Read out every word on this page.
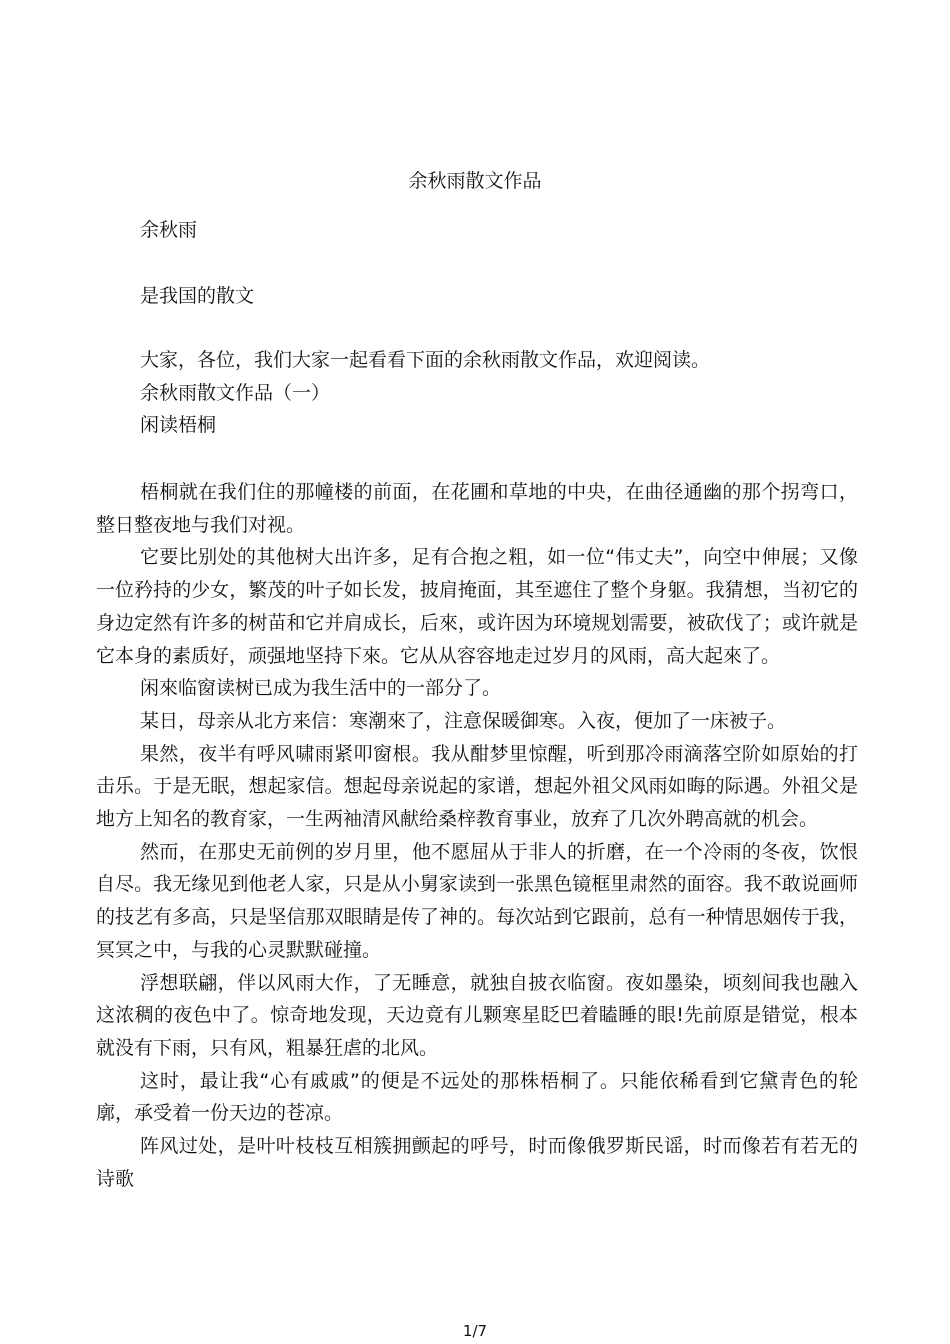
余秋雨散文作品
余秋雨
是我国的散文
大家，各位，我们大家一起看看下面的余秋雨散文作品，欢迎阅读。
余秋雨散文作品（一）
闲读梧桐

梧桐就在我们住的那幢楼的前面，在花圃和草地的中央，在曲径通幽的那个拐弯口，整日整夜地与我们对视。

它要比别处的其他树大出许多，足有合抱之粗，如一位“伟丈夫”，向空中伸展；又像一位矜持的少女，繁茂的叶子如长发，披肩掩面，其至遮住了整个身躯。我猜想，当初它的身边定然有许多的树苗和它并肩成长，后來，或许因为环境规划需要，被砍伐了；或许就是它本身的素质好，顽强地坚持下來。它从从容容地走过岁月的风雨，高大起來了。

闲來临窗读树已成为我生活中的一部分了。

某日，母亲从北方来信：寒潮來了，注意保暖御寒。入夜，便加了一床被子。

果然，夜半有呼风啸雨紧叩窗根。我从酣梦里惊醒，听到那冷雨滴落空阶如原始的打击乐。于是无眠，想起家信。想起母亲说起的家谱，想起外祖父风雨如晦的际遇。外祖父是地方上知名的教育家，一生两袖清风献给桑梓教育事业，放弃了几次外聘高就的机会。

然而，在那史无前例的岁月里，他不愿屈从于非人的折磨，在一个冷雨的冬夜，饮恨自尽。我无缘见到他老人家，只是从小舅家读到一张黑色镜框里肃然的面容。我不敢说画师的技艺有多高，只是坚信那双眼睛是传了神的。每次站到它跟前，总有一种情思姻传于我，冥冥之中，与我的心灵默默碰撞。

浮想联翩，伴以风雨大作，了无睡意，就独自披衣临窗。夜如墨染，顷刻间我也融入这浓稠的夜色中了。惊奇地发现，天边竟有儿颗寒星眨巴着瞌睡的眼!先前原是错觉，根本就没有下雨，只有风，粗暴狂虐的北风。

这时，最让我“心有戚戚”的便是不远处的那株梧桐了。只能依稀看到它黛青色的轮廓，承受着一份天边的苍凉。

阵风过处，是叶叶枝枝互相簇拥颤起的呼号，时而像俄罗斯民谣，时而像若有若无的诗歌

1/7
